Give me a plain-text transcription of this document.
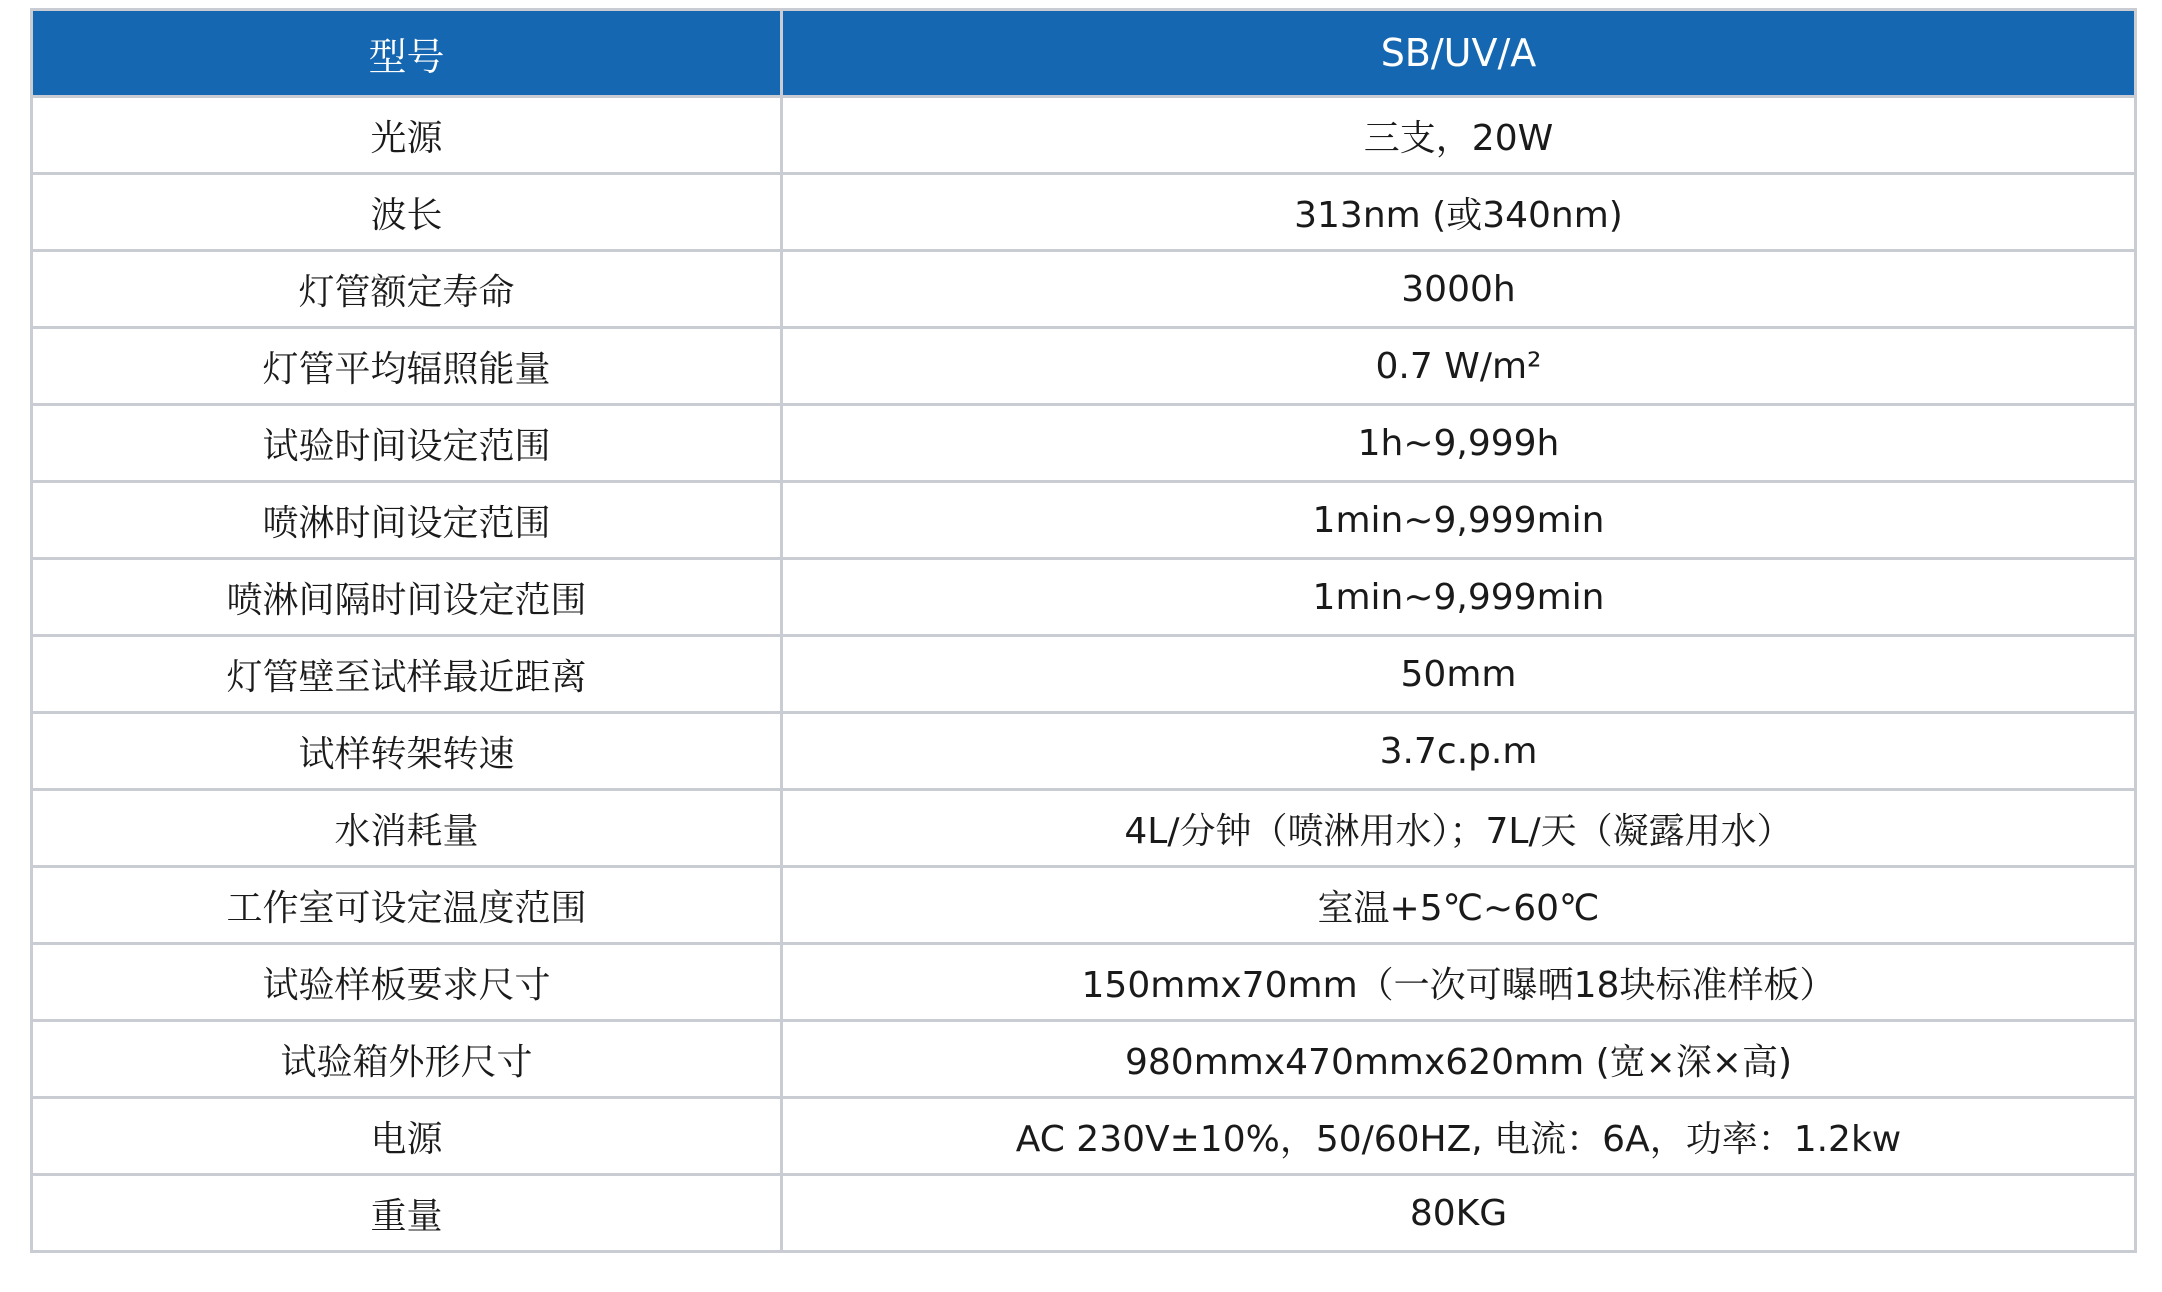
型号	SB/UV/A
光源	三支，20W
波长	313nm (或340nm)
灯管额定寿命	3000h
灯管平均辐照能量	0.7 W/m²
试验时间设定范围	1h~9,999h
喷淋时间设定范围	1min~9,999min
喷淋间隔时间设定范围	1min~9,999min
灯管壁至试样最近距离	50mm
试样转架转速	3.7c.p.m
水消耗量	4L/分钟（喷淋用水）；7L/天（凝露用水）
工作室可设定温度范围	室温+5℃~60℃
试验样板要求尺寸	150mmx70mm（一次可曝晒18块标准样板）
试验箱外形尺寸	980mmx470mmx620mm (宽×深×高)
电源	AC 230V±10%，50/60HZ, 电流：6A，功率：1.2kw
重量	80KG
